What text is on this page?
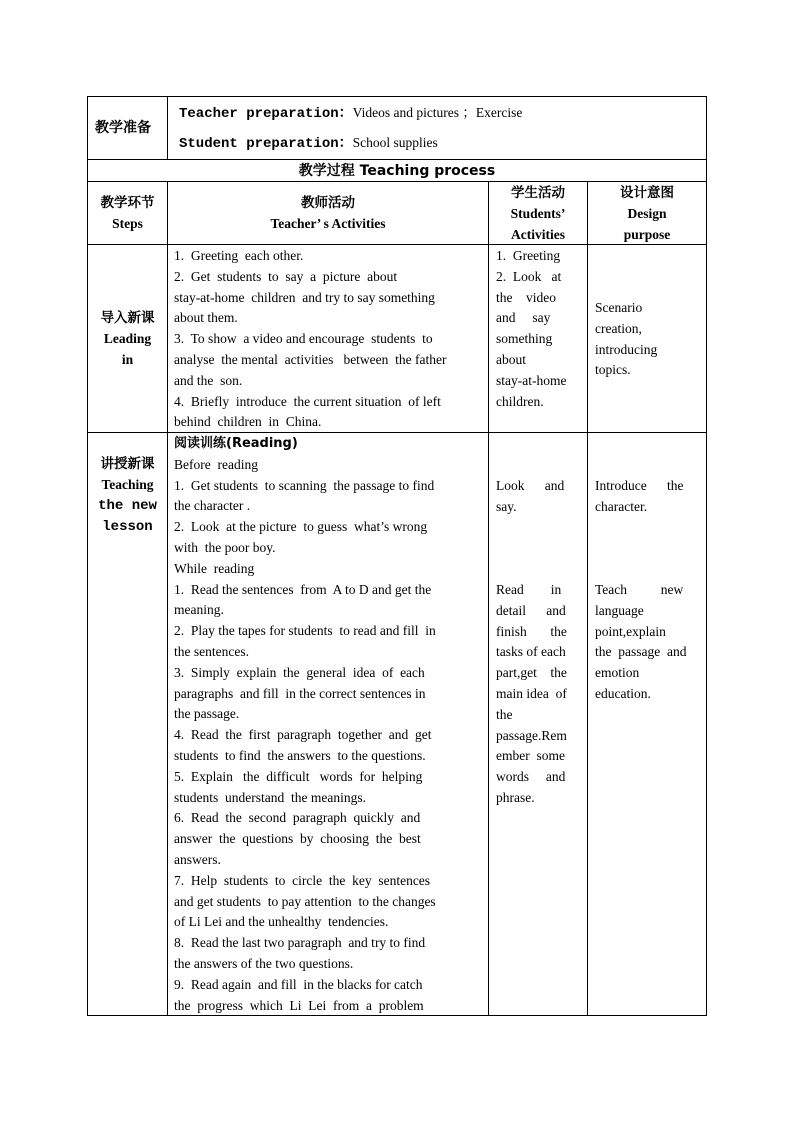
教学准备
Teacher preparation：Videos and pictures ；Exercise
Student preparation：School supplies
教学过程 Teaching process
教学环节
Steps
教师活动
Teacher’ s Activities
学生活动
Students’
Activities
设计意图
Design
purpose
导入新课
Leading
in
1.  Greeting  each other.
2.  Get  students  to  say  a  picture  about
stay-at-home  children  and try to say something
about them.
3.  To show  a video and encourage  students  to
analyse  the mental  activities   between  the father
and the  son.
4.  Briefly  introduce  the current situation  of left
behind  children  in  China.
1.  Greeting
2.  Look   at
the    video
and     say
something
about
stay-at-home
children.
Scenario
creation,
introducing
topics.
讲授新课
Teaching
the new
lesson
阅读训练(Reading)
Before  reading
1.  Get students  to scanning  the passage to find
the character .
2.  Look  at the picture  to guess  what’s wrong
with  the poor boy.
While  reading
1.  Read the sentences  from  A to D and get the
meaning.
2.  Play the tapes for students  to read and fill  in
the sentences.
3.  Simply  explain  the  general  idea  of  each
paragraphs  and fill  in the correct sentences in
the passage.
4.  Read  the  first  paragraph  together  and  get
students  to find  the answers  to the questions.
5.  Explain   the  difficult   words  for  helping
students  understand  the meanings.
6.  Read  the  second  paragraph  quickly  and
answer  the  questions  by  choosing  the  best
answers.
7.  Help  students  to  circle  the  key  sentences
and get students  to pay attention  to the changes
of Li Lei and the unhealthy  tendencies.
8.  Read the last two paragraph  and try to find
the answers of the two questions.
9.  Read again  and fill  in the blacks for catch
the  progress  which  Li  Lei  from  a  problem
Look      and
say.
Read        in
detail      and
finish       the
tasks of each
part,get    the
main idea  of
the
passage.Rem
ember  some
words     and
phrase.
Introduce      the
character.
Teach          new
language
point,explain
the  passage  and
emotion
education.
